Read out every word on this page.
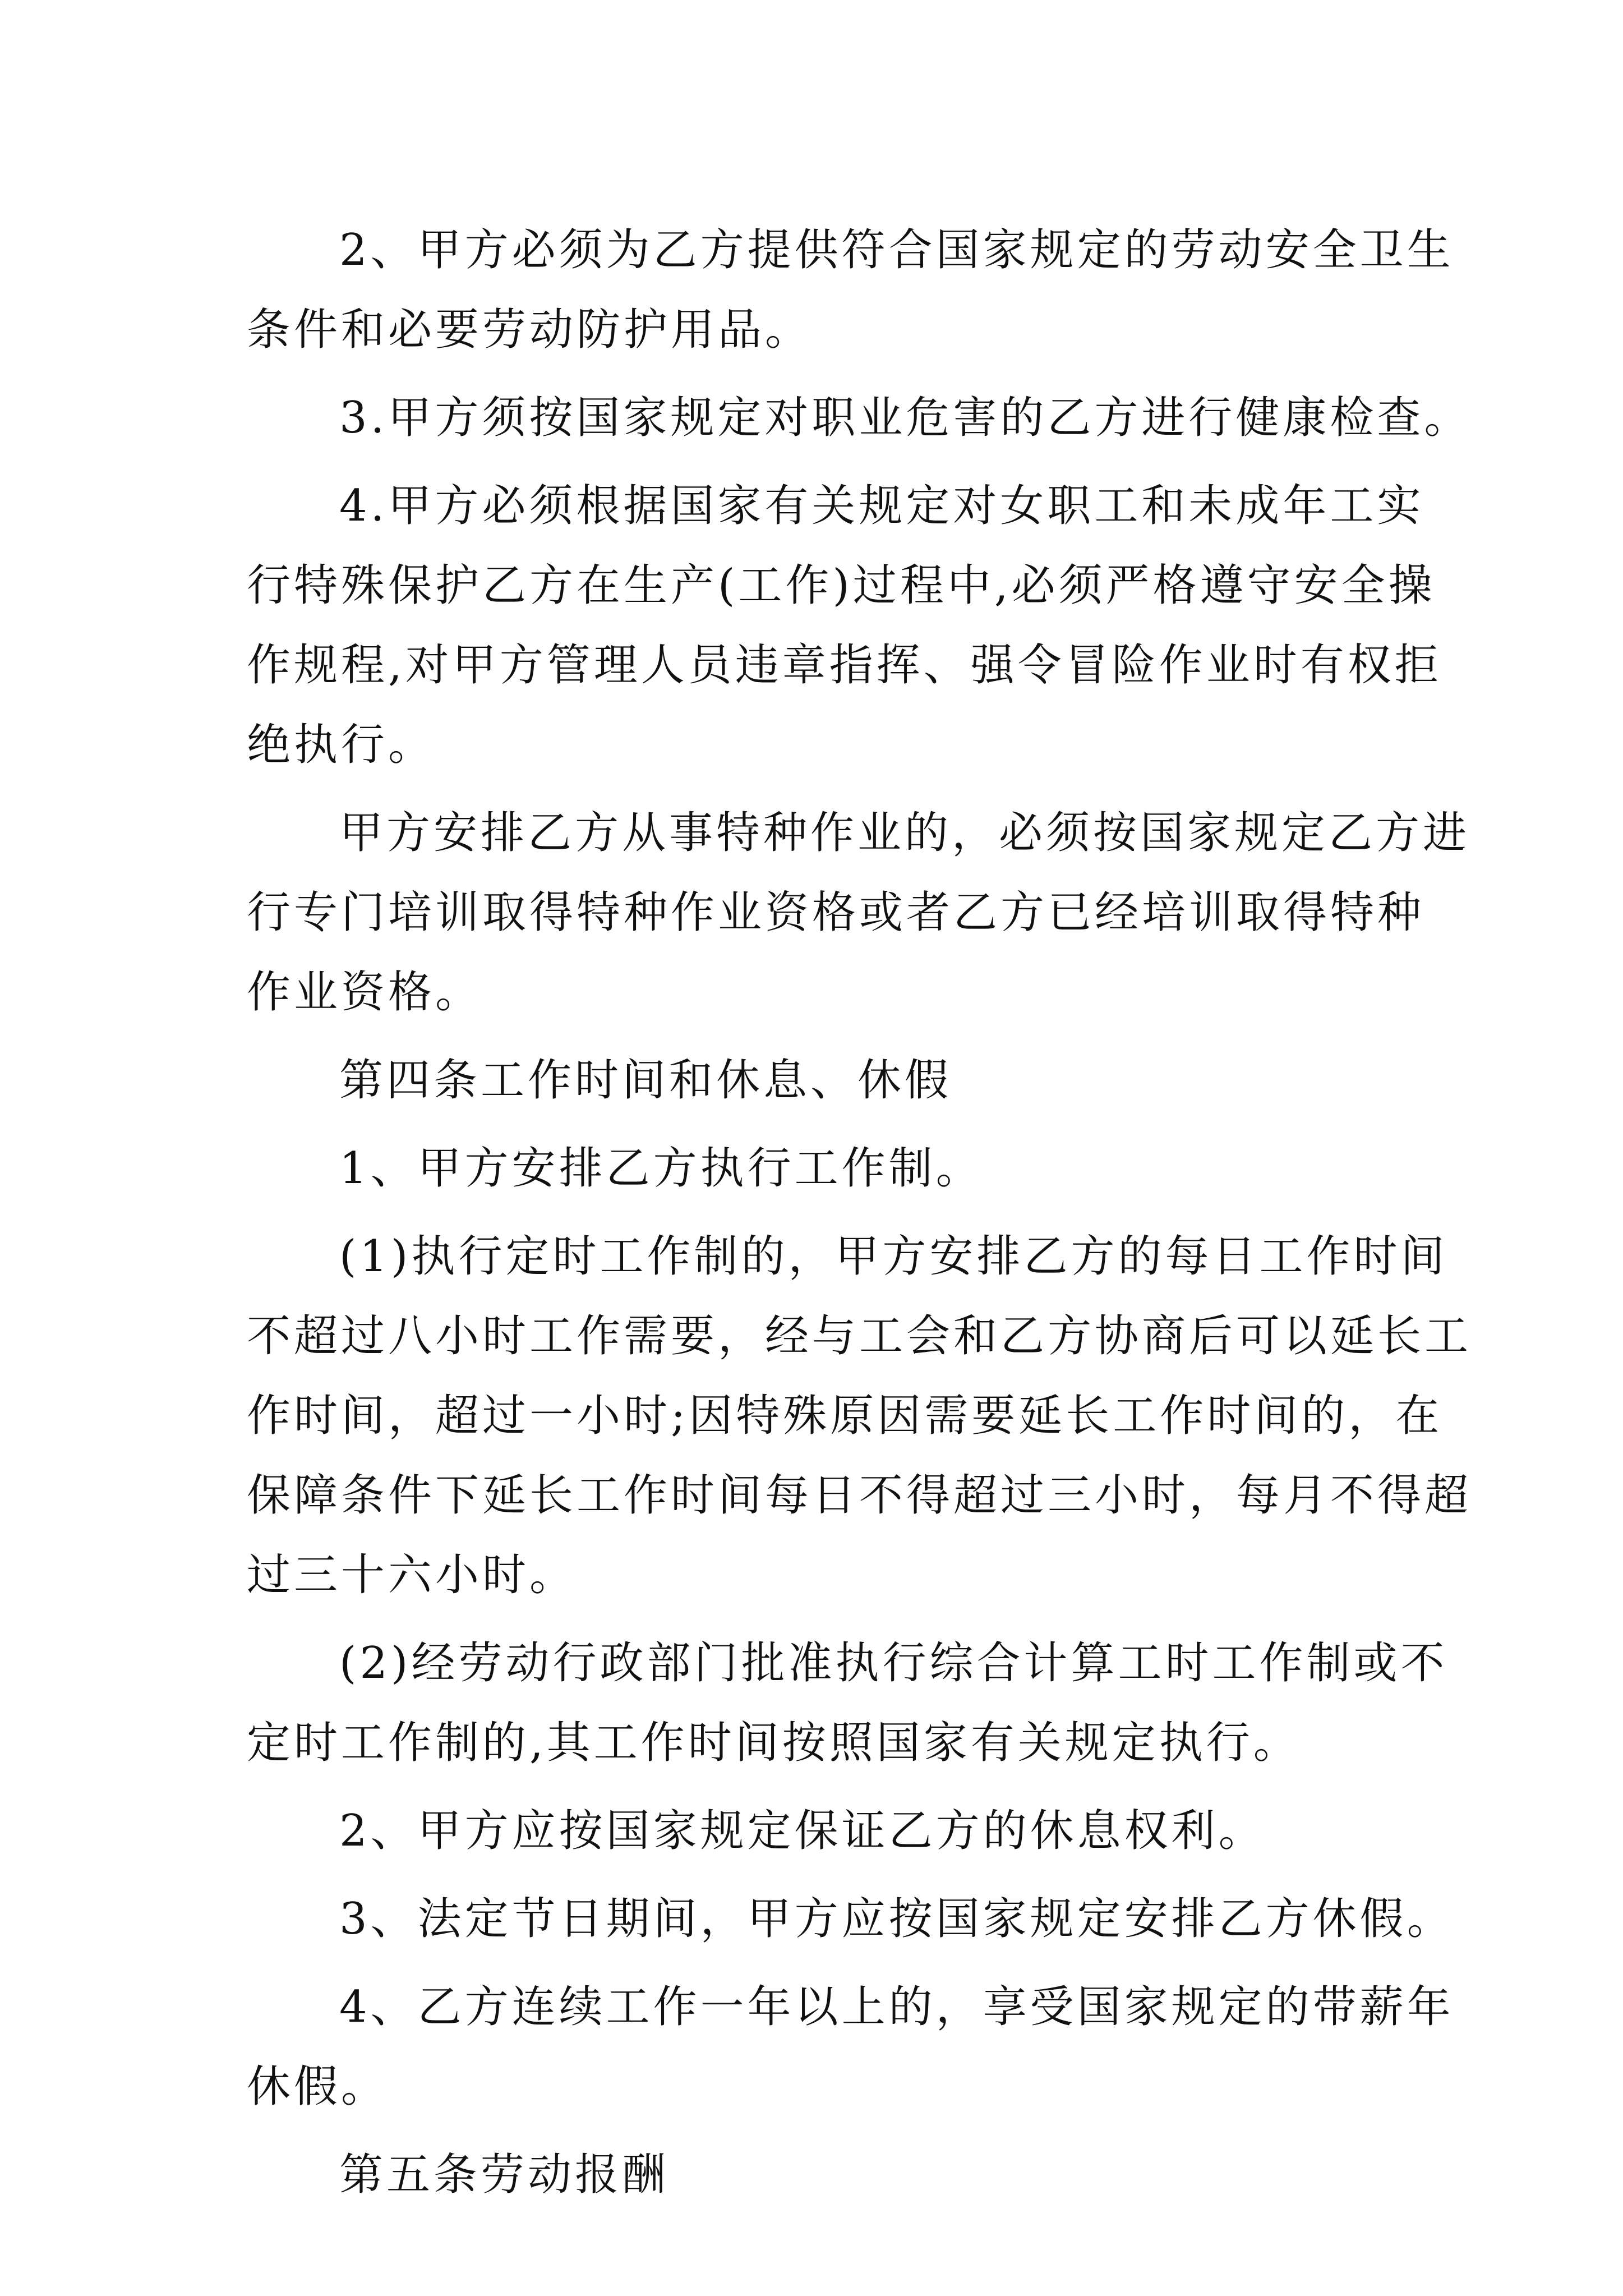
2、甲方必须为乙方提供符合国家规定的劳动安全卫生
条件和必要劳动防护用品。
3.甲方须按国家规定对职业危害的乙方进行健康检查。
4.甲方必须根据国家有关规定对女职工和未成年工实
行特殊保护乙方在生产(工作)过程中,必须严格遵守安全操
作规程,对甲方管理人员违章指挥、强令冒险作业时有权拒
绝执行。
甲方安排乙方从事特种作业的，必须按国家规定乙方进
行专门培训取得特种作业资格或者乙方已经培训取得特种
作业资格。
第四条工作时间和休息、休假
1、甲方安排乙方执行工作制。
(1)执行定时工作制的，甲方安排乙方的每日工作时间
不超过八小时工作需要，经与工会和乙方协商后可以延长工
作时间，超过一小时;因特殊原因需要延长工作时间的，在
保障条件下延长工作时间每日不得超过三小时，每月不得超
过三十六小时。
(2)经劳动行政部门批准执行综合计算工时工作制或不
定时工作制的,其工作时间按照国家有关规定执行。
2、甲方应按国家规定保证乙方的休息权利。
3、法定节日期间，甲方应按国家规定安排乙方休假。
4、乙方连续工作一年以上的，享受国家规定的带薪年
休假。
第五条劳动报酬
